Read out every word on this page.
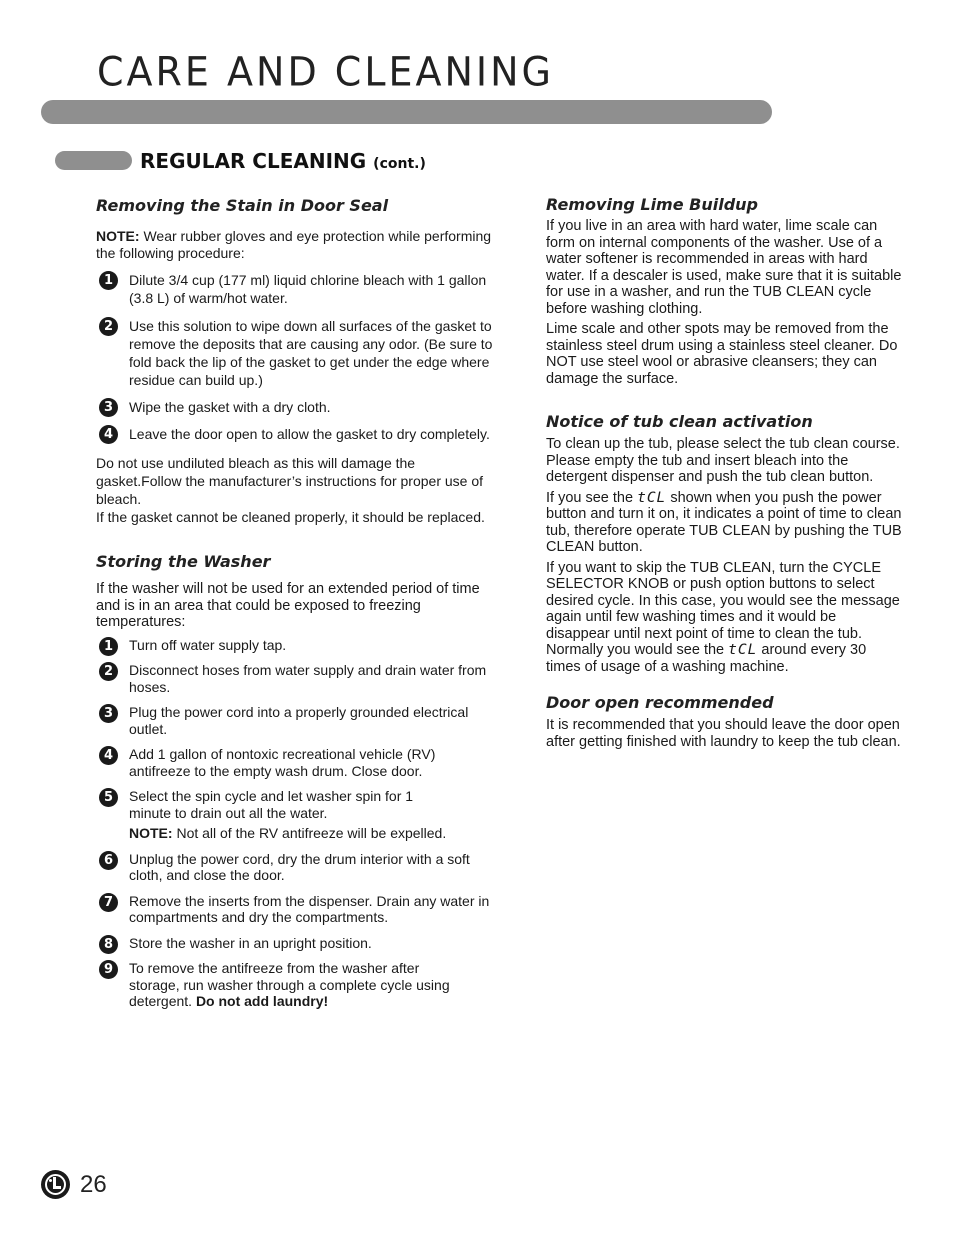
CARE AND CLEANING
REGULAR CLEANING (cont.)
Removing the Stain in Door Seal

NOTE: Wear rubber gloves and eye protection while performing the following procedure:

1	Dilute 3/4 cup (177 ml) liquid chlorine bleach with 1 gallon (3.8 L) of warm/hot water.
2	Use this solution to wipe down all surfaces of the gasket to remove the deposits that are causing any odor. (Be sure to fold back the lip of the gasket to get under the edge where residue can build up.)
3	Wipe the gasket with a dry cloth.
4	Leave the door open to allow the gasket to dry completely.

Do not use undiluted bleach as this will damage the gasket.Follow the manufacturer’s instructions for proper use of bleach.

If the gasket cannot be cleaned properly, it should be replaced.

Storing the Washer

If the washer will not be used for an extended period of time and is in an area that could be exposed to freezing temperatures:

1	Turn off water supply tap.
2	Disconnect hoses from water supply and drain water from hoses.
3	Plug the power cord into a properly grounded electrical outlet.
4	Add 1 gallon of nontoxic recreational vehicle (RV) antifreeze to the empty wash drum. Close door.
5	Select the spin cycle and let washer spin for 1 minute to drain out all the water.
NOTE: Not all of the RV antifreeze will be expelled.
6	Unplug the power cord, dry the drum interior with a soft cloth, and close the door.
7	Remove the inserts from the dispenser. Drain any water in compartments and dry the compartments.
8	Store the washer in an upright position.
9	To remove the antifreeze from the washer after storage, run washer through a complete cycle using detergent. Do not add laundry!
Removing Lime Buildup

If you live in an area with hard water, lime scale can form on internal components of the washer. Use of a water softener is recommended in areas with hard water. If a descaler is used, make sure that it is suitable for use in a washer, and run the TUB CLEAN cycle before washing clothing.

Lime scale and other spots may be removed from the stainless steel drum using a stainless steel cleaner. Do NOT use steel wool or abrasive cleansers; they can damage the surface.

Notice of tub clean activation

To clean up the tub, please select the tub clean course. Please empty the tub and insert bleach into the detergent dispenser and push the tub clean button.

If you see the tCL shown when you push the power button and turn it on, it indicates a point of time to clean tub, therefore operate TUB CLEAN by pushing the TUB CLEAN button.

If you want to skip the TUB CLEAN, turn the CYCLE SELECTOR KNOB or push option buttons to select desired cycle. In this case, you would see the message again until few washing times and it would be disappear until next point of time to clean the tub. Normally you would see the tCL around every 30 times of usage of a washing machine.

Door open recommended

It is recommended that you should leave the door open after getting finished with laundry to keep the tub clean.

26
